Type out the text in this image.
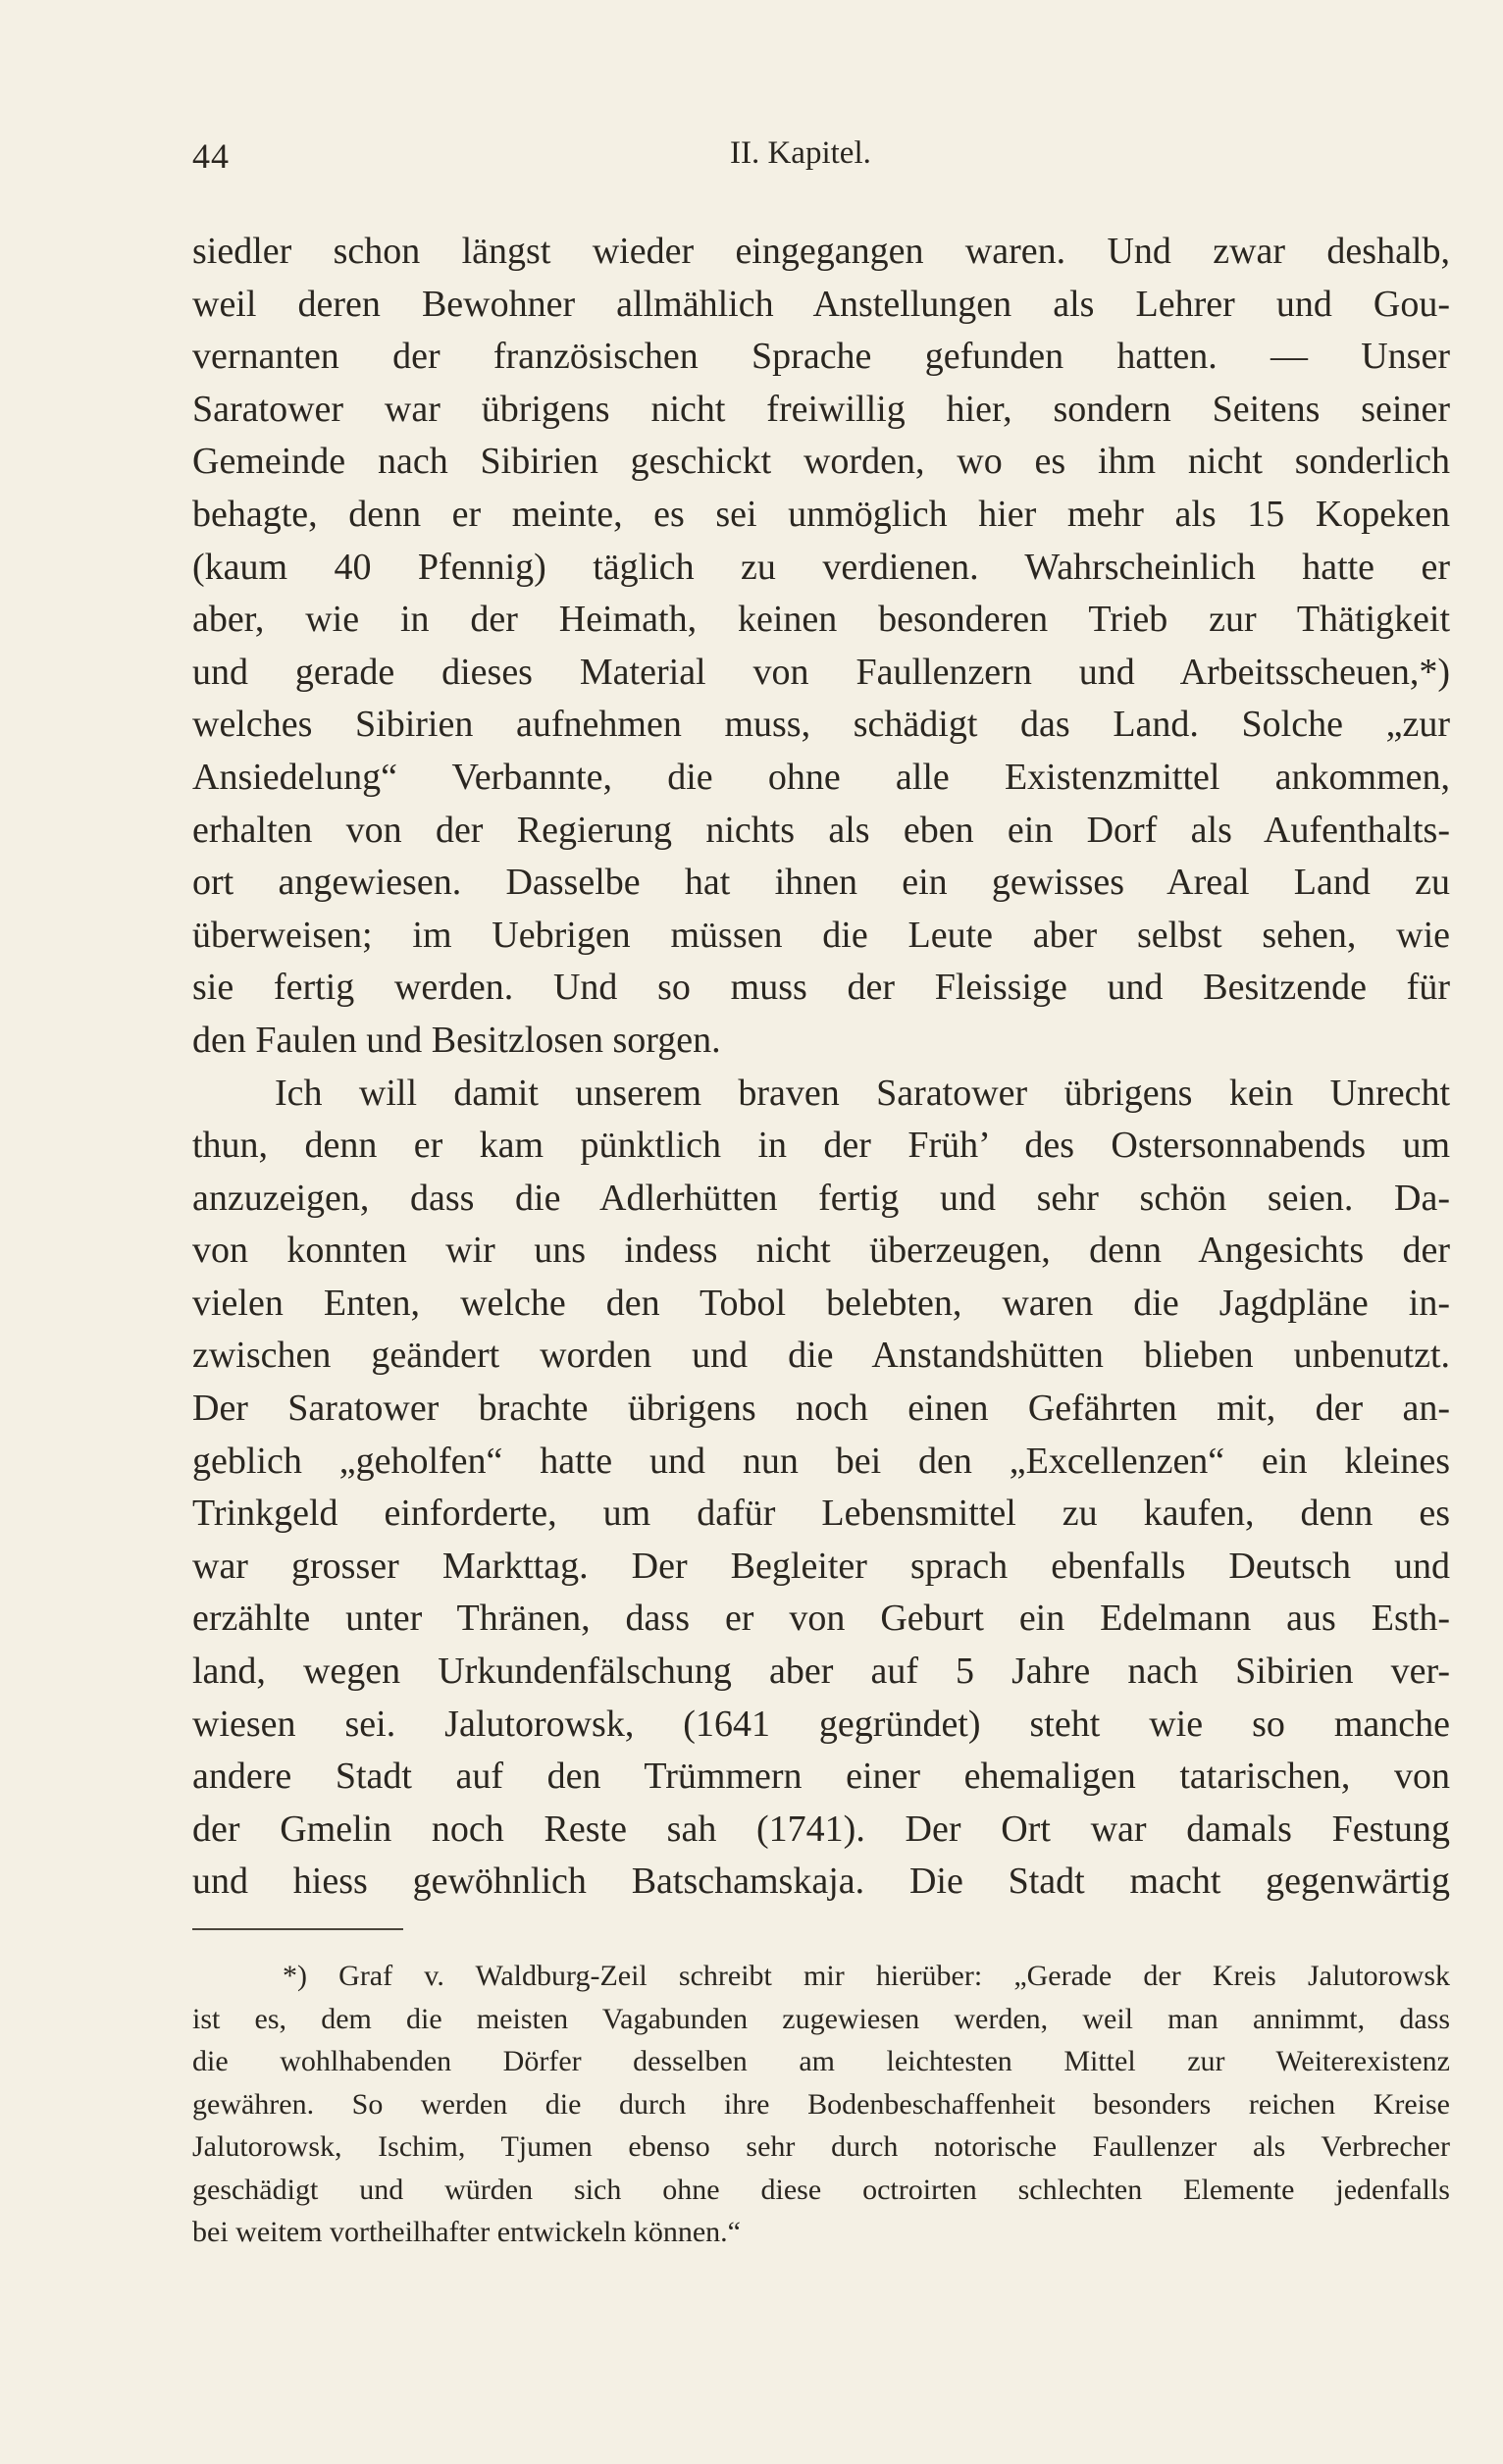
44	II. Kapitel.
siedler schon längst wieder eingegangen waren. Und zwar deshalb,
weil deren Bewohner allmählich Anstellungen als Lehrer und Gou-
vernanten der französischen Sprache gefunden hatten. — Unser
Saratower war übrigens nicht freiwillig hier, sondern Seitens seiner
Gemeinde nach Sibirien geschickt worden, wo es ihm nicht sonderlich
behagte, denn er meinte, es sei unmöglich hier mehr als 15 Kopeken
(kaum 40 Pfennig) täglich zu verdienen. Wahrscheinlich hatte er
aber, wie in der Heimath, keinen besonderen Trieb zur Thätigkeit
und gerade dieses Material von Faullenzern und Arbeitsscheuen,*)
welches Sibirien aufnehmen muss, schädigt das Land. Solche „zur
Ansiedelung“ Verbannte, die ohne alle Existenzmittel ankommen,
erhalten von der Regierung nichts als eben ein Dorf als Aufenthalts-
ort angewiesen. Dasselbe hat ihnen ein gewisses Areal Land zu
überweisen; im Uebrigen müssen die Leute aber selbst sehen, wie
sie fertig werden. Und so muss der Fleissige und Besitzende für
den Faulen und Besitzlosen sorgen.
Ich will damit unserem braven Saratower übrigens kein Unrecht
thun, denn er kam pünktlich in der Früh’ des Ostersonnabends um
anzuzeigen, dass die Adlerhütten fertig und sehr schön seien. Da-
von konnten wir uns indess nicht überzeugen, denn Angesichts der
vielen Enten, welche den Tobol belebten, waren die Jagdpläne in-
zwischen geändert worden und die Anstandshütten blieben unbenutzt.
Der Saratower brachte übrigens noch einen Gefährten mit, der an-
geblich „geholfen“ hatte und nun bei den „Excellenzen“ ein kleines
Trinkgeld einforderte, um dafür Lebensmittel zu kaufen, denn es
war grosser Markttag. Der Begleiter sprach ebenfalls Deutsch und
erzählte unter Thränen, dass er von Geburt ein Edelmann aus Esth-
land, wegen Urkundenfälschung aber auf 5 Jahre nach Sibirien ver-
wiesen sei. Jalutorowsk, (1641 gegründet) steht wie so manche
andere Stadt auf den Trümmern einer ehemaligen tatarischen, von
der Gmelin noch Reste sah (1741). Der Ort war damals Festung
und hiess gewöhnlich Batschamskaja. Die Stadt macht gegenwärtig
*) Graf v. Waldburg-Zeil schreibt mir hierüber: „Gerade der Kreis Jalutorowsk
ist es, dem die meisten Vagabunden zugewiesen werden, weil man annimmt, dass
die wohlhabenden Dörfer desselben am leichtesten Mittel zur Weiterexistenz
gewähren. So werden die durch ihre Bodenbeschaffenheit besonders reichen Kreise
Jalutorowsk, Ischim, Tjumen ebenso sehr durch notorische Faullenzer als Verbrecher
geschädigt und würden sich ohne diese octroirten schlechten Elemente jedenfalls
bei weitem vortheilhafter entwickeln können.“
